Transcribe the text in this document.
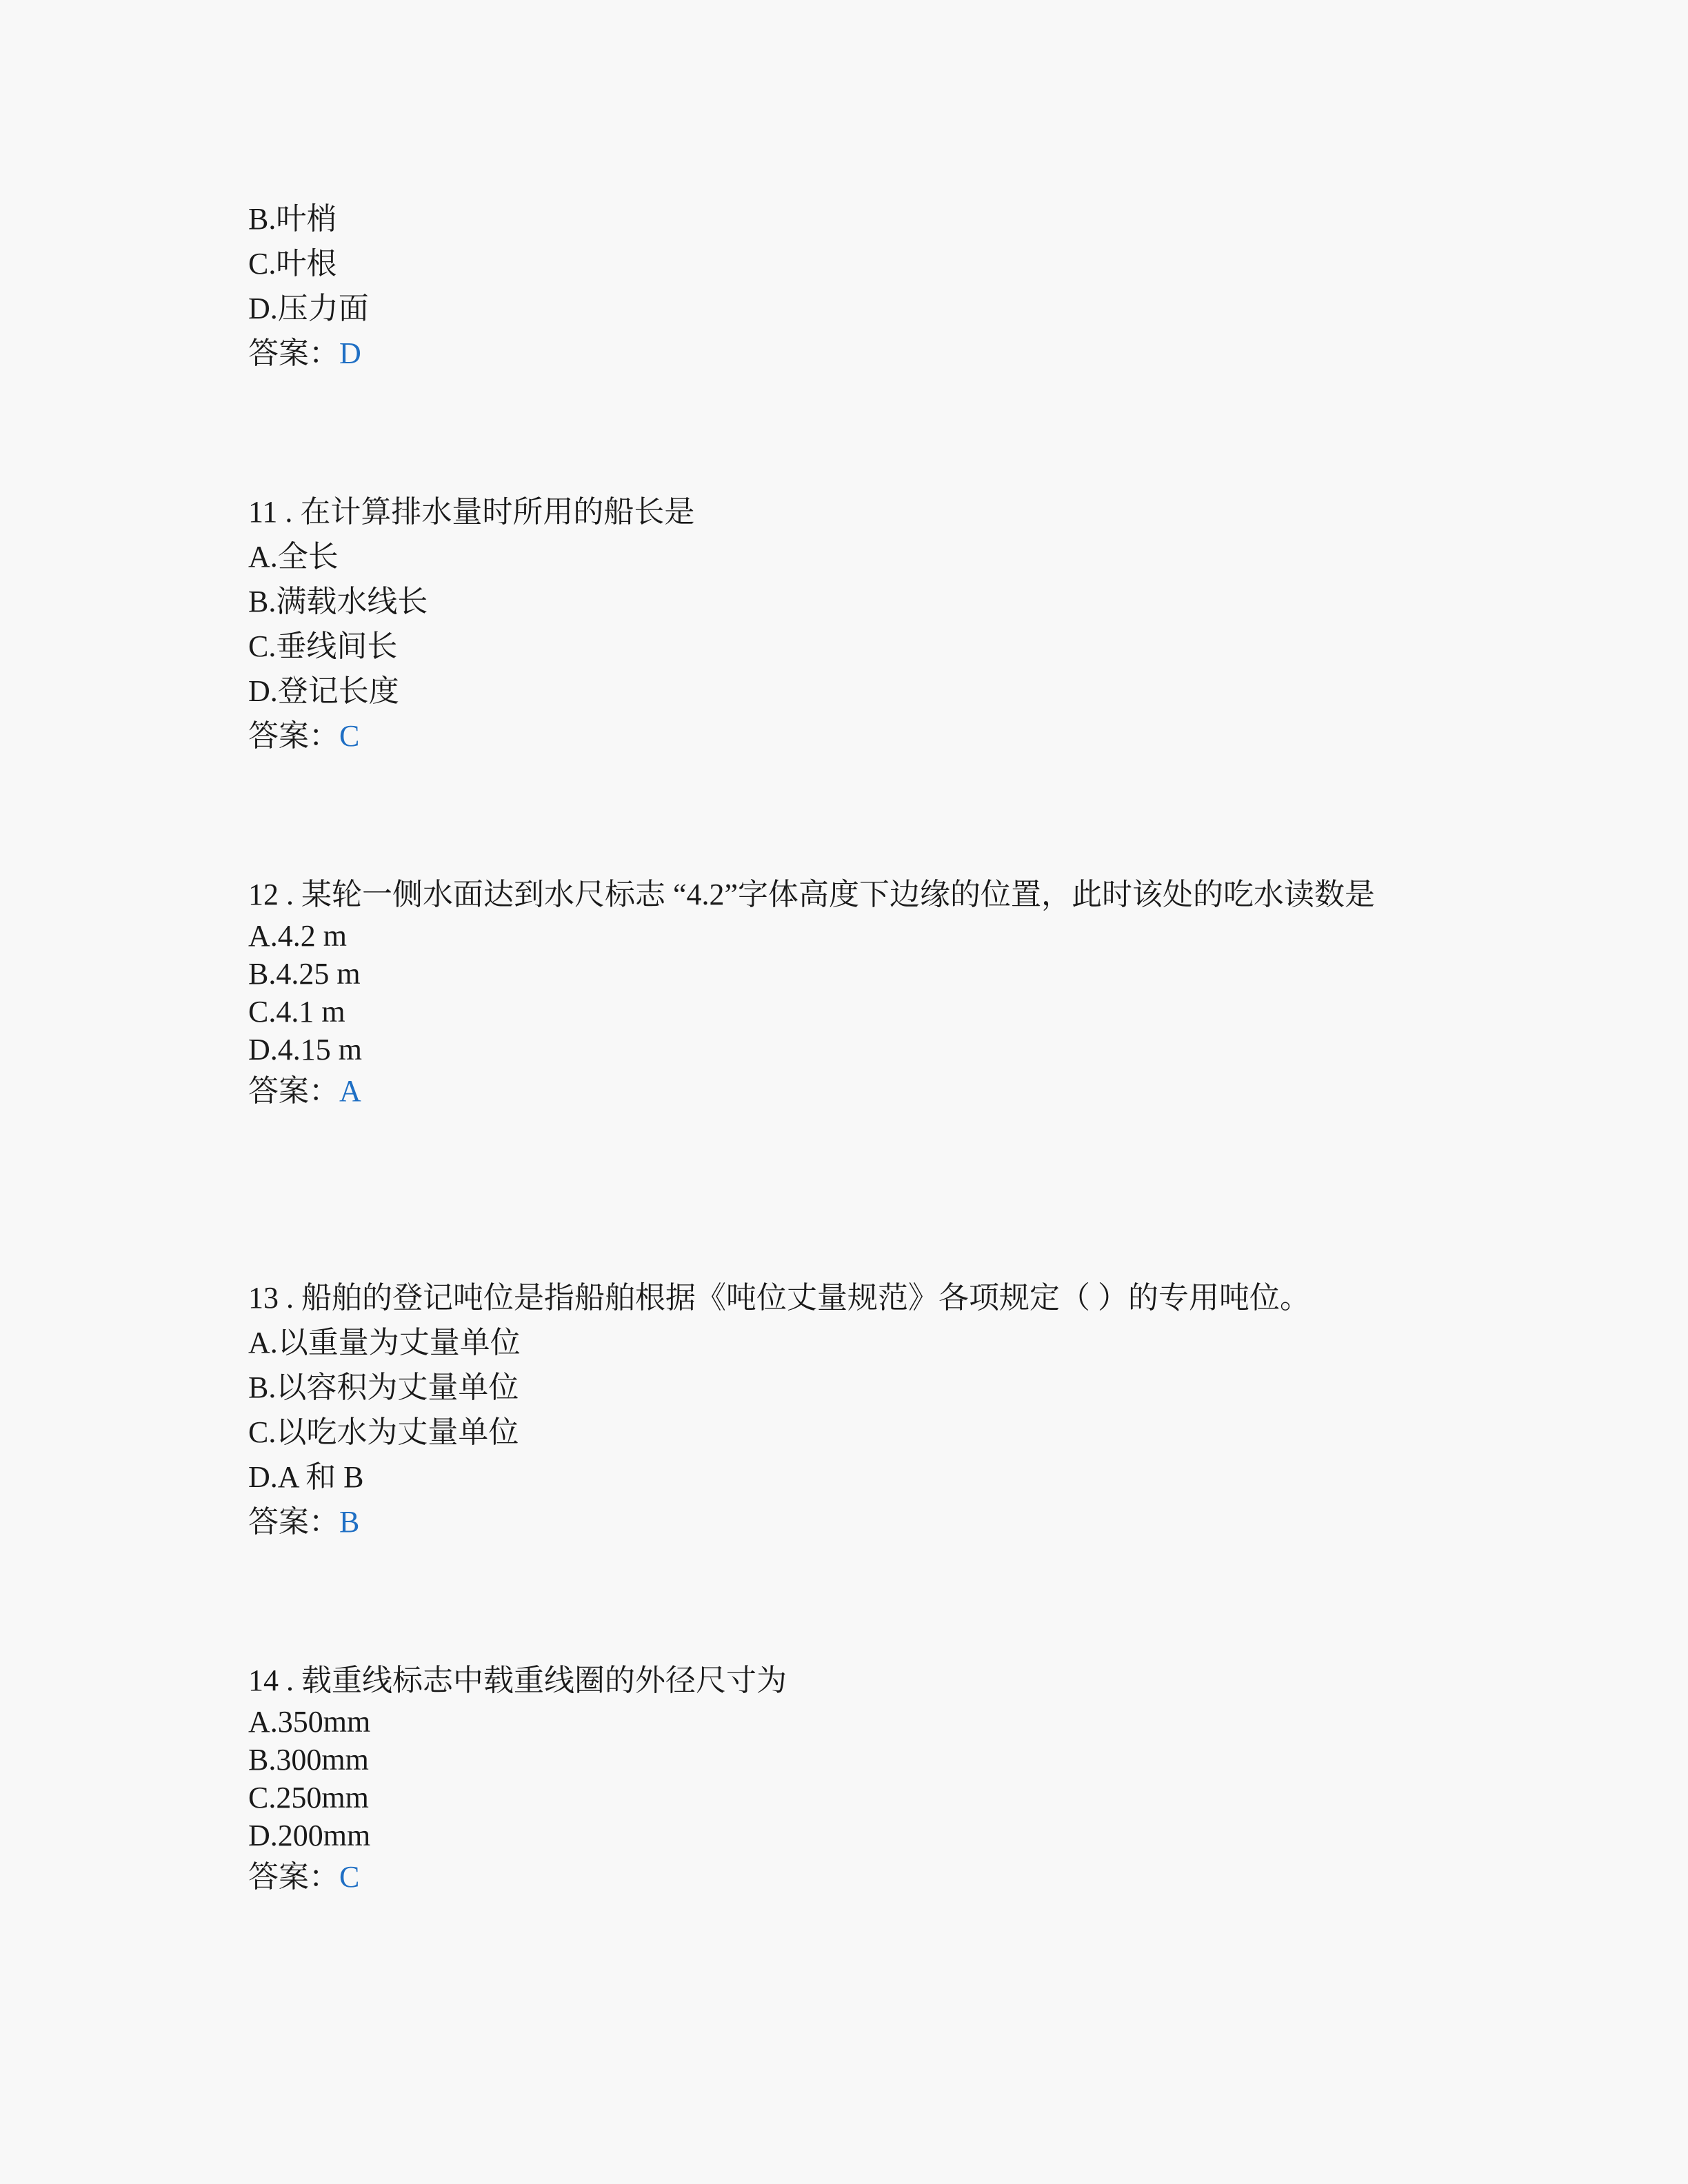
B.叶梢
C.叶根
D.压力面
答案：D
11 . 在计算排水量时所用的船长是
A.全长
B.满载水线长
C.垂线间长
D.登记长度
答案：C
12 . 某轮一侧水面达到水尺标志 “4.2”字体高度下边缘的位置，此时该处的吃水读数是
A.4.2 m
B.4.25 m
C.4.1 m
D.4.15 m
答案：A
13 . 船舶的登记吨位是指船舶根据《吨位丈量规范》各项规定（ ）的专用吨位。
A.以重量为丈量单位
B.以容积为丈量单位
C.以吃水为丈量单位
D.A 和 B
答案：B
14 . 载重线标志中载重线圈的外径尺寸为
A.350mm
B.300mm
C.250mm
D.200mm
答案：C
